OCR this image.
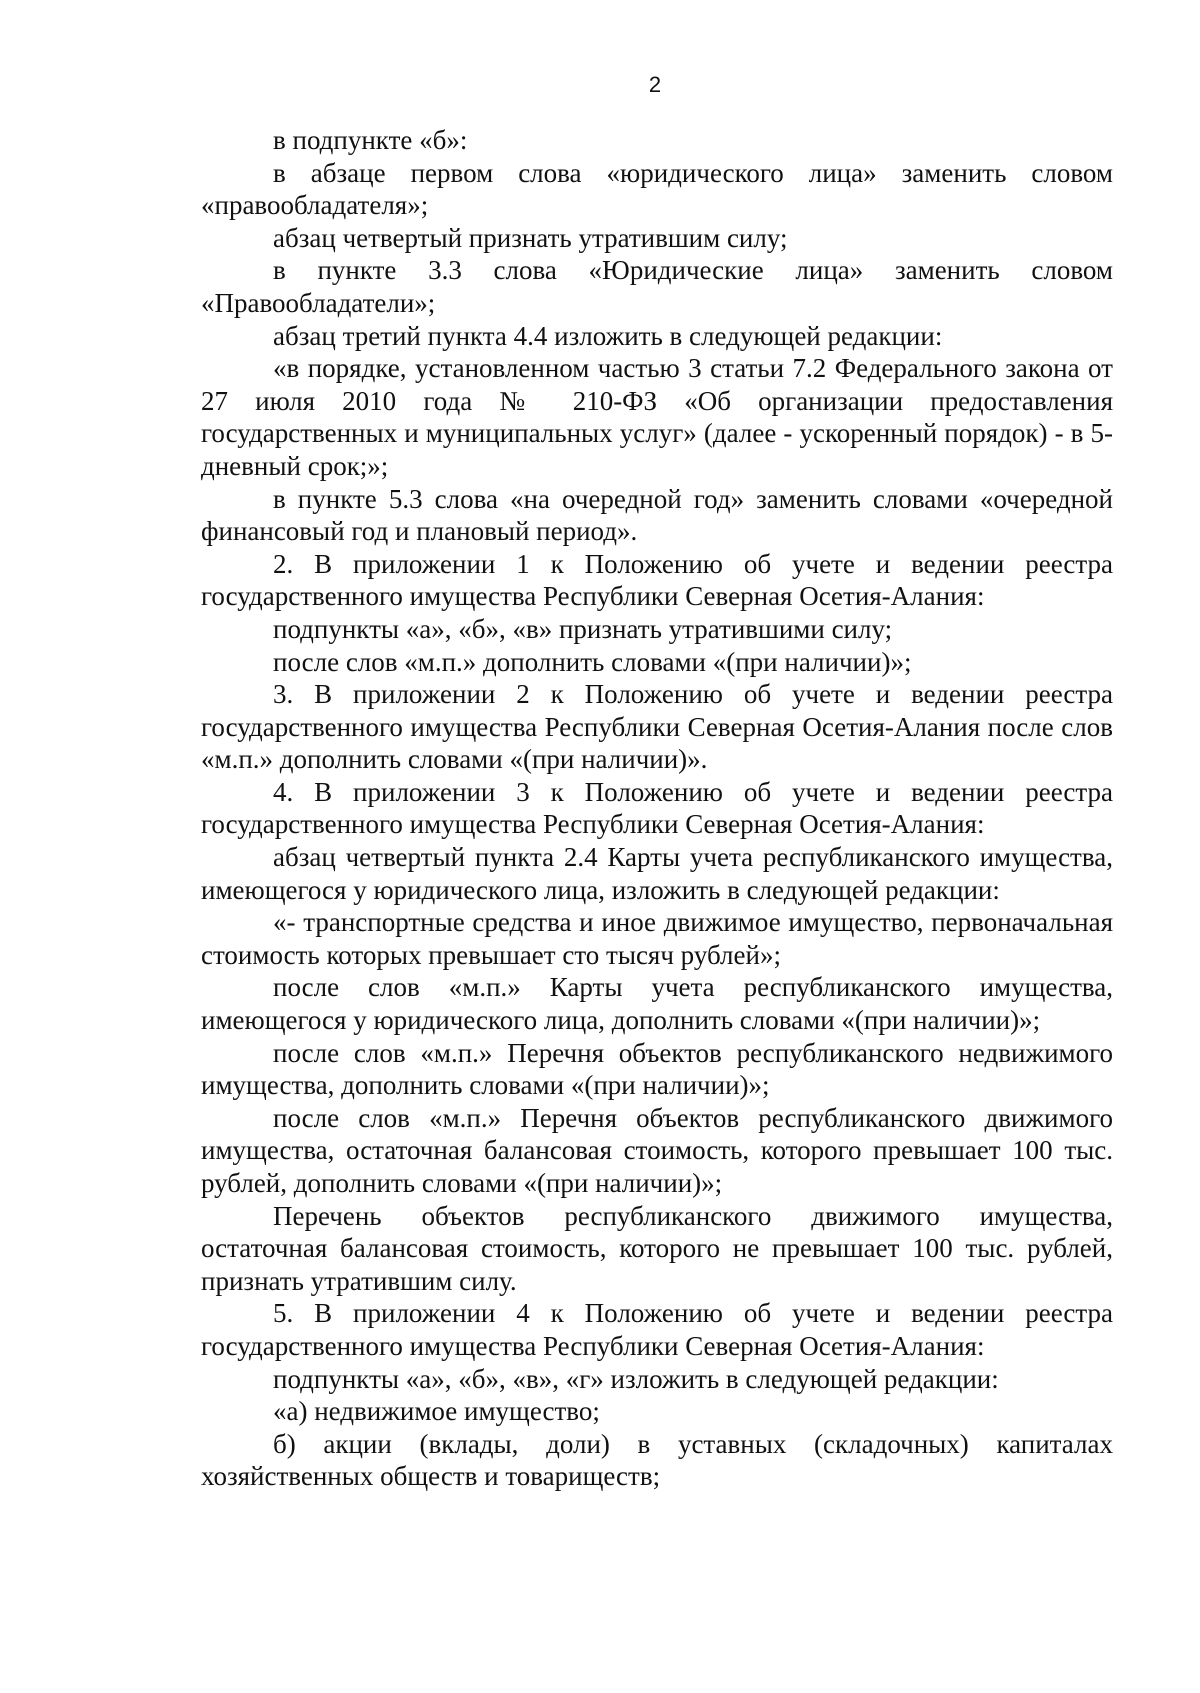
2

в подпункте «б»:

в абзаце первом слова «юридического лица» заменить словом «правообладателя»;

абзац четвертый признать утратившим силу;

в пункте 3.3 слова «Юридические лица» заменить словом «Правообладатели»;

абзац третий пункта 4.4 изложить в следующей редакции:

«в порядке, установленном частью 3 статьи 7.2 Федерального закона от 27 июля 2010 года № 210-ФЗ «Об организации предоставления государственных и муниципальных услуг» (далее - ускоренный порядок) - в 5-дневный срок;»;

в пункте 5.3 слова «на очередной год» заменить словами «очередной финансовый год и плановый период».

2. В приложении 1 к Положению об учете и ведении реестра государственного имущества Республики Северная Осетия-Алания:

подпункты «а», «б», «в» признать утратившими силу;

после слов «м.п.» дополнить словами «(при наличии)»;

3. В приложении 2 к Положению об учете и ведении реестра государственного имущества Республики Северная Осетия-Алания после слов «м.п.» дополнить словами «(при наличии)».

4. В приложении 3 к Положению об учете и ведении реестра государственного имущества Республики Северная Осетия-Алания:

абзац четвертый пункта 2.4 Карты учета республиканского имущества, имеющегося у юридического лица, изложить в следующей редакции:

«- транспортные средства и иное движимое имущество, первоначальная стоимость которых превышает сто тысяч рублей»;

после слов «м.п.» Карты учета республиканского имущества, имеющегося у юридического лица, дополнить словами «(при наличии)»;

после слов «м.п.» Перечня объектов республиканского недвижимого имущества, дополнить словами «(при наличии)»;

после слов «м.п.» Перечня объектов республиканского движимого имущества, остаточная балансовая стоимость, которого превышает 100 тыс. рублей, дополнить словами «(при наличии)»;

Перечень объектов республиканского движимого имущества, остаточная балансовая стоимость, которого не превышает 100 тыс. рублей, признать утратившим силу.

5. В приложении 4 к Положению об учете и ведении реестра государственного имущества Республики Северная Осетия-Алания:

подпункты «а», «б», «в», «г» изложить в следующей редакции:

«а) недвижимое имущество;

б) акции (вклады, доли) в уставных (складочных) капиталах хозяйственных обществ и товариществ;
